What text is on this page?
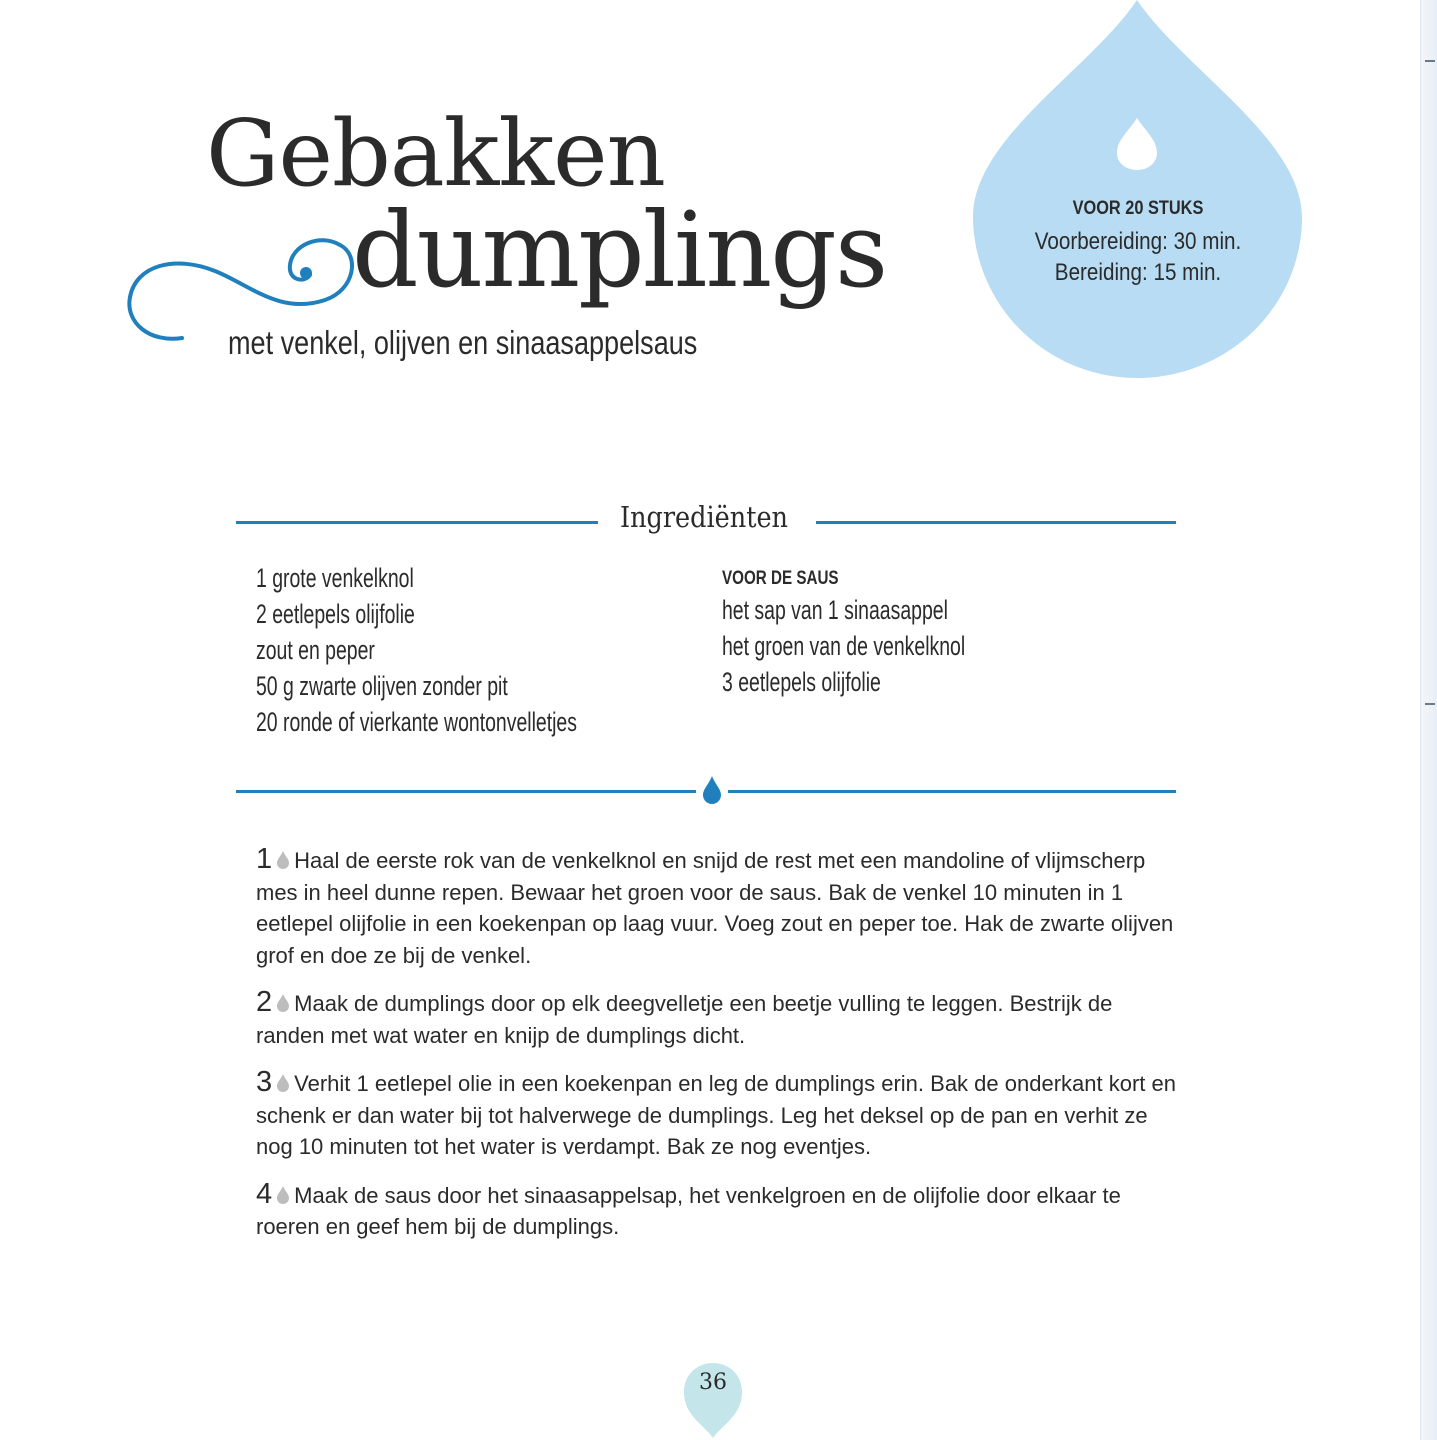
Gebakken
dumplings
met venkel, olijven en sinaasappelsaus
VOOR 20 STUKS
Voorbereiding: 30 min.
Bereiding: 15 min.
Ingrediënten
1 grote venkelknol
2 eetlepels olijfolie
zout en peper
50 g zwarte olijven zonder pit
20 ronde of vierkante wontonvelletjes
VOOR DE SAUS
het sap van 1 sinaasappel
het groen van de venkelknol
3 eetlepels olijfolie
1 Haal de eerste rok van de venkelknol en snijd de rest met een mandoline of vlijmscherp mes in heel dunne repen. Bewaar het groen voor de saus. Bak de venkel 10 minuten in 1 eetlepel olijfolie in een koekenpan op laag vuur. Voeg zout en peper toe. Hak de zwarte olijven grof en doe ze bij de venkel.
2 Maak de dumplings door op elk deegvelletje een beetje vulling te leggen. Bestrijk de randen met wat water en knijp de dumplings dicht.
3 Verhit 1 eetlepel olie in een koekenpan en leg de dumplings erin. Bak de onderkant kort en schenk er dan water bij tot halverwege de dumplings. Leg het deksel op de pan en verhit ze nog 10 minuten tot het water is verdampt. Bak ze nog eventjes.
4 Maak de saus door het sinaasappelsap, het venkelgroen en de olijfolie door elkaar te roeren en geef hem bij de dumplings.
36
